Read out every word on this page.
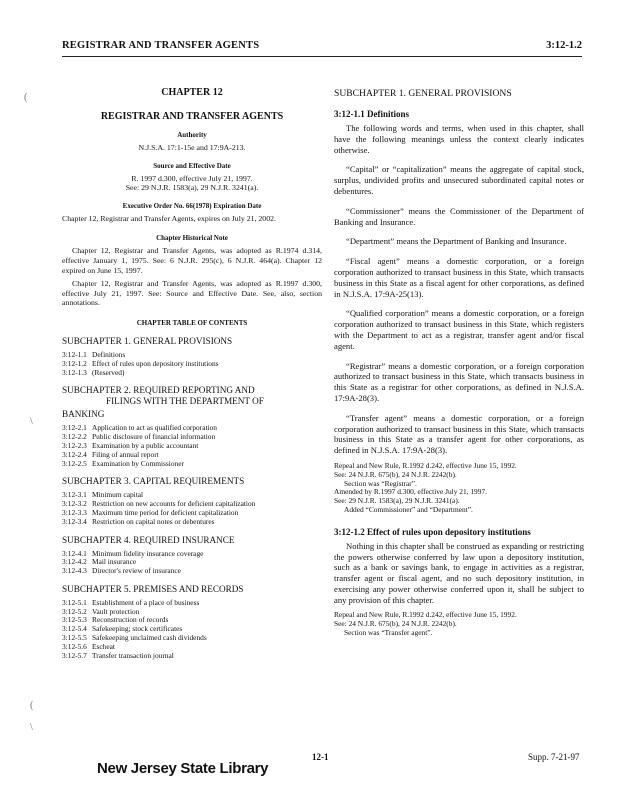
REGISTRAR AND TRANSFER AGENTS	3:12-1.2
(
\
(
\
CHAPTER 12
REGISTRAR AND TRANSFER AGENTS
Authority
N.J.S.A. 17:1-15e and 17:9A-213.
Source and Effective Date
R. 1997 d.300, effective July 21, 1997.
See: 29 N.J.R. 1583(a), 29 N.J.R. 3241(a).
Executive Order No. 66(1978) Expiration Date
Chapter 12, Registrar and Transfer Agents, expires on July 21, 2002.
Chapter Historical Note
Chapter 12, Registrar and Transfer Agents, was adopted as R.1974 d.314, effective January 1, 1975. See: 6 N.J.R. 295(c), 6 N.J.R. 464(a). Chapter 12 expired on June 15, 1997.
Chapter 12, Registrar and Transfer Agents, was adopted as R.1997 d.300, effective July 21, 1997. See: Source and Effective Date. See, also, section annotations.
CHAPTER TABLE OF CONTENTS
SUBCHAPTER 1. GENERAL PROVISIONS
3:12-1.1 Definitions
3:12-1.2 Effect of rules upon depository institutions
3:12-1.3 (Reserved)
SUBCHAPTER 2. REQUIRED REPORTING AND
FILINGS WITH THE DEPARTMENT OF
BANKING
3:12-2.1 Application to act as qualified corporation
3:12-2.2 Public disclosure of financial information
3:12-2.3 Examination by a public accountant
3:12-2.4 Filing of annual report
3:12-2.5 Examination by Commissioner
SUBCHAPTER 3. CAPITAL REQUIREMENTS
3:12-3.1 Minimum capital
3:12-3.2 Restriction on new accounts for deficient capitalization
3:12-3.3 Maximum time period for deficient capitalization
3:12-3.4 Restriction on capital notes or debentures
SUBCHAPTER 4. REQUIRED INSURANCE
3:12-4.1 Minimum fidelity insurance coverage
3:12-4.2 Mail insurance
3:12-4.3 Director's review of insurance
SUBCHAPTER 5. PREMISES AND RECORDS
3:12-5.1 Establishment of a place of business
3:12-5.2 Vault protection
3:12-5.3 Reconstruction of records
3:12-5.4 Safekeeping; stock certificates
3:12-5.5 Safekeeping unclaimed cash dividends
3:12-5.6 Escheat
3:12-5.7 Transfer transaction journal
SUBCHAPTER 1. GENERAL PROVISIONS
3:12-1.1 Definitions

The following words and terms, when used in this chapter, shall have the following meanings unless the context clearly indicates otherwise.

“Capital” or “capitalization” means the aggregate of capital stock, surplus, undivided profits and unsecured subordinated capital notes or debentures.

“Commissioner” means the Commissioner of the Department of Banking and Insurance.

“Department” means the Department of Banking and Insurance.

“Fiscal agent” means a domestic corporation, or a foreign corporation authorized to transact business in this State, which transacts business in this State as a fiscal agent for other corporations, as defined in N.J.S.A. 17:9A-25(13).

“Qualified corporation” means a domestic corporation, or a foreign corporation authorized to transact business in this State, which registers with the Department to act as a registrar, transfer agent and/or fiscal agent.

“Registrar” means a domestic corporation, or a foreign corporation authorized to transact business in this State, which transacts business in this State as a registrar for other corporations, as defined in N.J.S.A. 17:9A-28(3).

“Transfer agent” means a domestic corporation, or a foreign corporation authorized to transact business in this State, which transacts business in this State as a transfer agent for other corporations, as defined in N.J.S.A. 17:9A-28(3).

Repeal and New Rule, R.1992 d.242, effective June 15, 1992.
See: 24 N.J.R. 675(b), 24 N.J.R. 2242(b).
Section was “Registrar”.
Amended by R.1997 d.300, effective July 21, 1997.
See: 29 N.J.R. 1583(a), 29 N.J.R. 3241(a).
Added “Commissioner” and “Department”.
3:12-1.2 Effect of rules upon depository institutions

Nothing in this chapter shall be construed as expanding or restricting the powers otherwise conferred by law upon a depository institution, such as a bank or savings bank, to engage in activities as a registrar, transfer agent or fiscal agent, and no such depository institution, in exercising any power otherwise conferred upon it, shall be subject to any provision of this chapter.

Repeal and New Rule, R.1992 d.242, effective June 15, 1992.
See: 24 N.J.R. 675(b), 24 N.J.R. 2242(b).
Section was “Transfer agent”.
12-1	Supp. 7-21-97
New Jersey State Library
